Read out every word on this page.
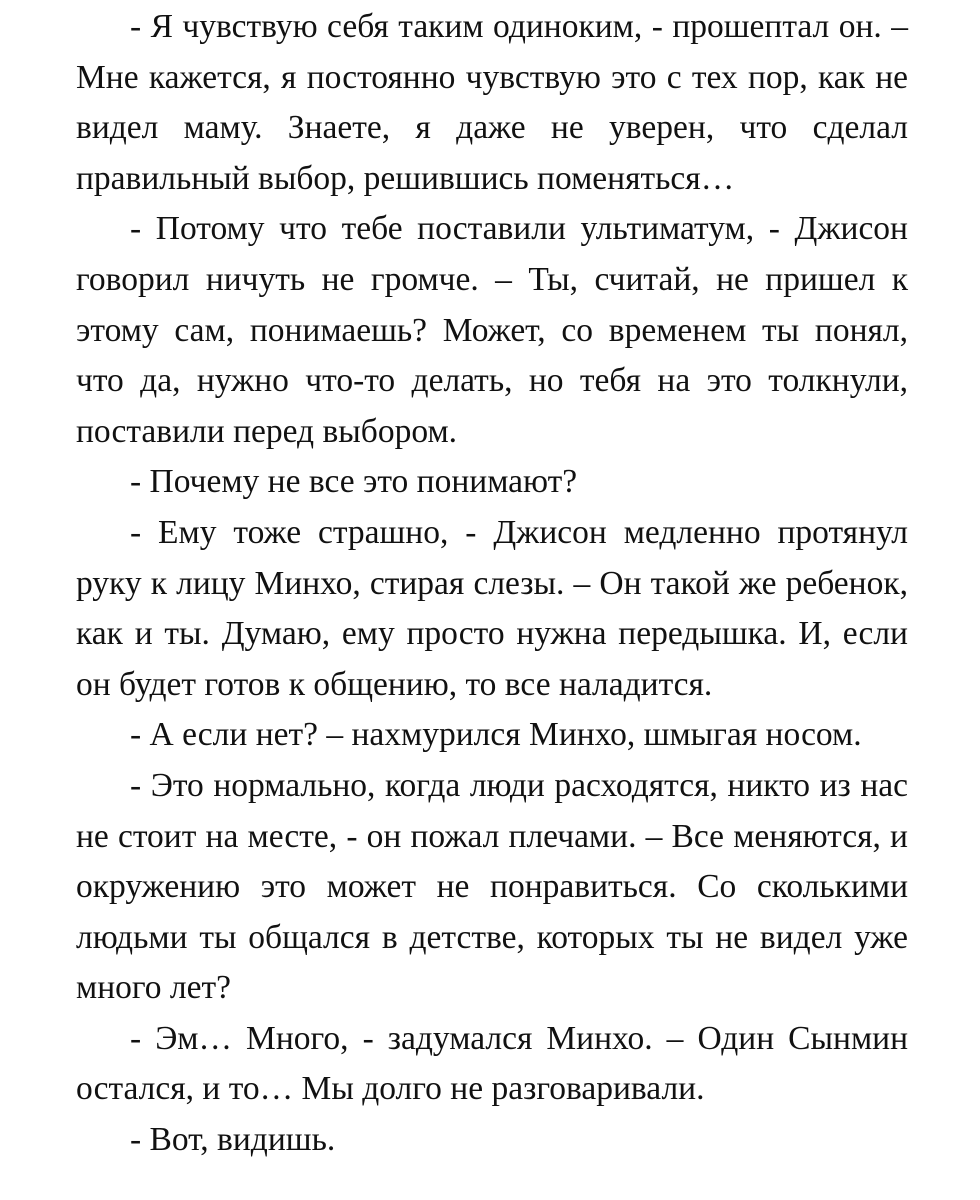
- Я чувствую себя таким одиноким, - прошептал он. – Мне кажется, я постоянно чувствую это с тех пор, как не видел маму. Знаете, я даже не уверен, что сделал правильный выбор, решившись поменяться…

- Потому что тебе поставили ультиматум, - Джисон говорил ничуть не громче. – Ты, считай, не пришел к этому сам, понимаешь? Может, со временем ты понял, что да, нужно что-то делать, но тебя на это толкнули, поставили перед выбором.

- Почему не все это понимают?

- Ему тоже страшно, - Джисон медленно протянул руку к лицу Минхо, стирая слезы. – Он такой же ребенок, как и ты. Думаю, ему просто нужна передышка. И, если он будет готов к общению, то все наладится.

- А если нет? – нахмурился Минхо, шмыгая носом.

- Это нормально, когда люди расходятся, никто из нас не стоит на месте, - он пожал плечами. – Все меняются, и окружению это может не понравиться. Со сколькими людьми ты общался в детстве, которых ты не видел уже много лет?

- Эм… Много, - задумался Минхо. – Один Сынмин остался, и то… Мы долго не разговаривали.

- Вот, видишь.
